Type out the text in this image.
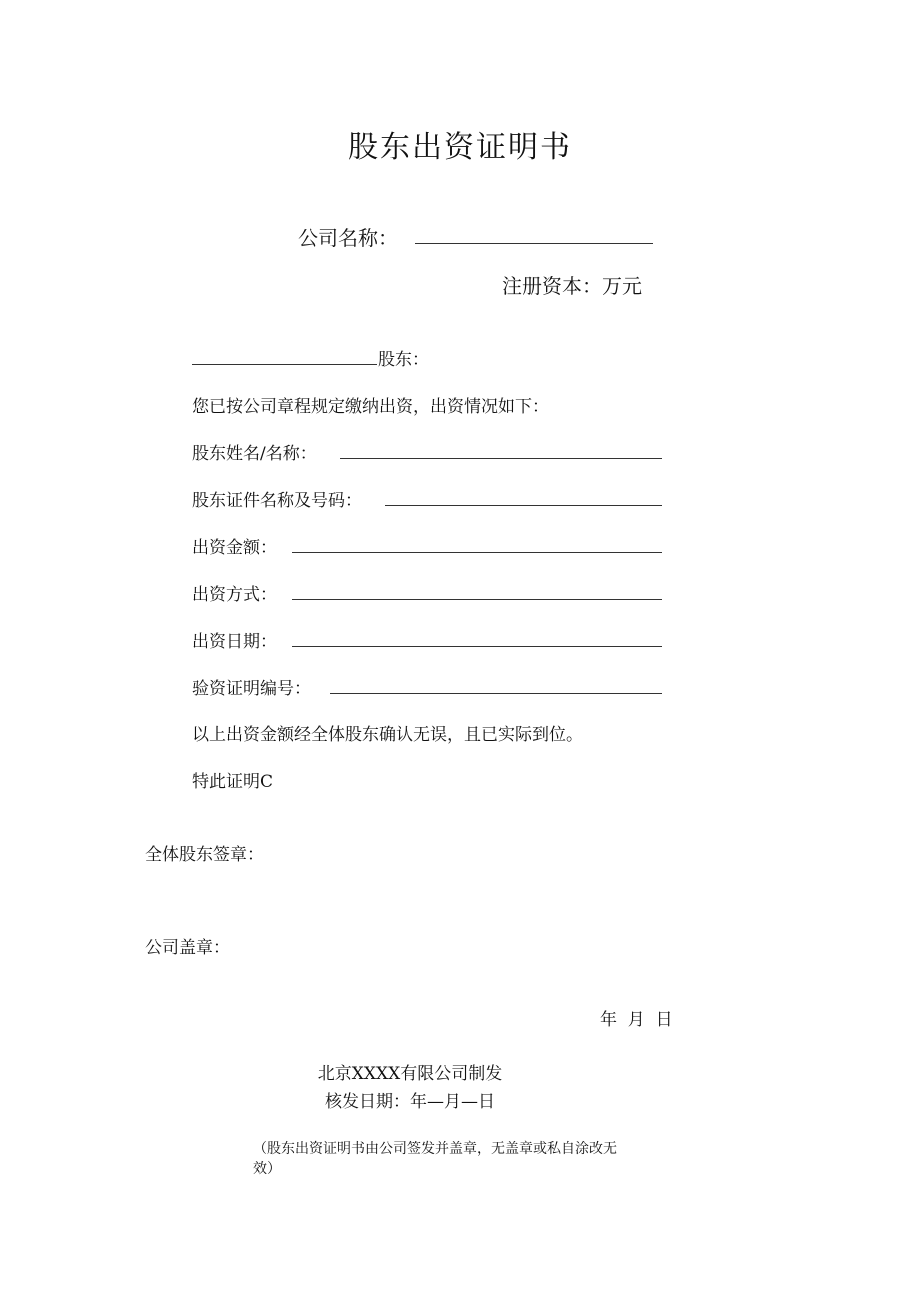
股东出资证明书
公司名称：
注册资本：万元
股东：
您已按公司章程规定缴纳出资，出资情况如下：
股东姓名/名称：
股东证件名称及号码：
出资金额：
出资方式：
出资日期：
验资证明编号：
以上出资金额经全体股东确认无误，且已实际到位。
特此证明C
全体股东签章：
公司盖章：
年  月  日
北京XXXX有限公司制发
核发日期：年—月—日
（股东出资证明书由公司签发并盖章，无盖章或私自涂改无
效）
